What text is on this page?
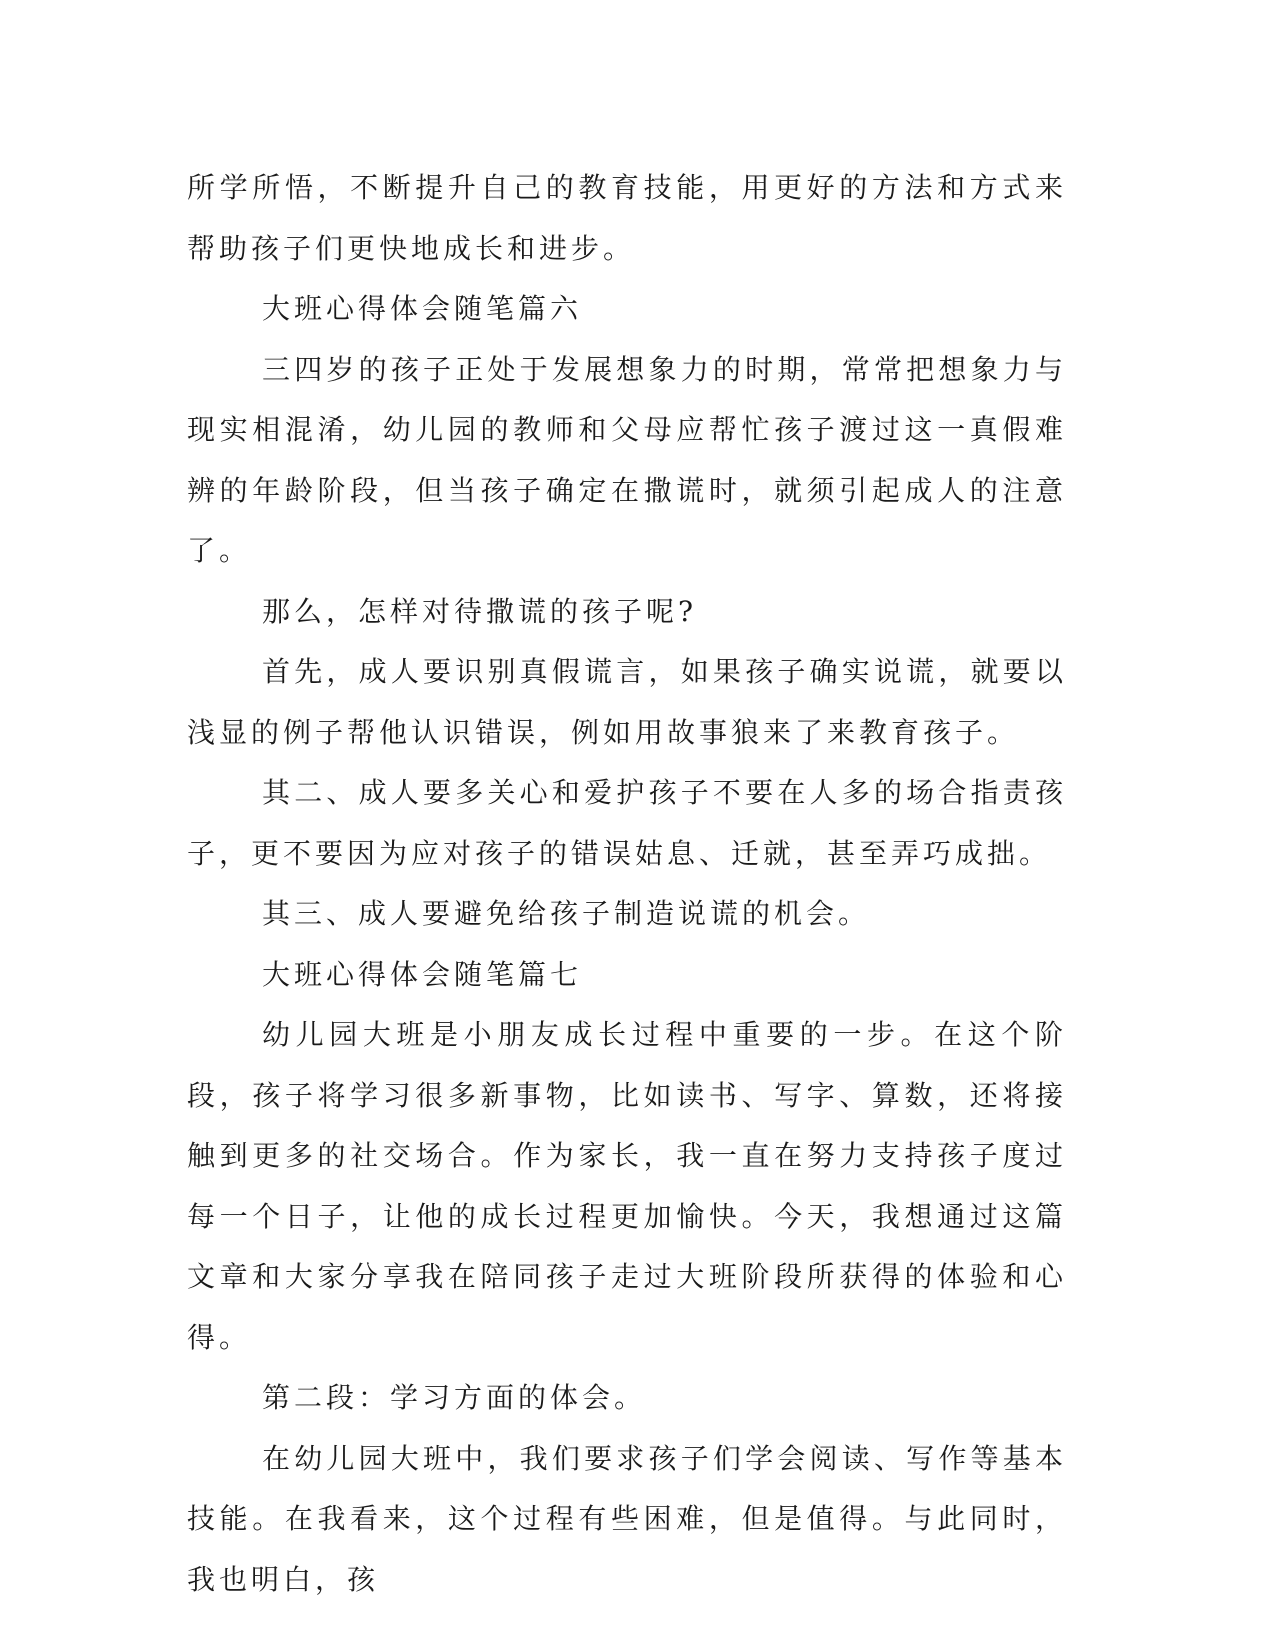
所学所悟，不断提升自己的教育技能，用更好的方法和方式来帮助孩子们更快地成长和进步。

大班心得体会随笔篇六

三四岁的孩子正处于发展想象力的时期，常常把想象力与现实相混淆，幼儿园的教师和父母应帮忙孩子渡过这一真假难辨的年龄阶段，但当孩子确定在撒谎时，就须引起成人的注意了。

那么，怎样对待撒谎的孩子呢?

首先，成人要识别真假谎言，如果孩子确实说谎，就要以浅显的例子帮他认识错误，例如用故事狼来了来教育孩子。

其二、成人要多关心和爱护孩子不要在人多的场合指责孩子，更不要因为应对孩子的错误姑息、迁就，甚至弄巧成拙。

其三、成人要避免给孩子制造说谎的机会。

大班心得体会随笔篇七

幼儿园大班是小朋友成长过程中重要的一步。在这个阶段，孩子将学习很多新事物，比如读书、写字、算数，还将接触到更多的社交场合。作为家长，我一直在努力支持孩子度过每一个日子，让他的成长过程更加愉快。今天，我想通过这篇文章和大家分享我在陪同孩子走过大班阶段所获得的体验和心得。

第二段：学习方面的体会。

在幼儿园大班中，我们要求孩子们学会阅读、写作等基本技能。在我看来，这个过程有些困难，但是值得。与此同时，我也明白，孩
